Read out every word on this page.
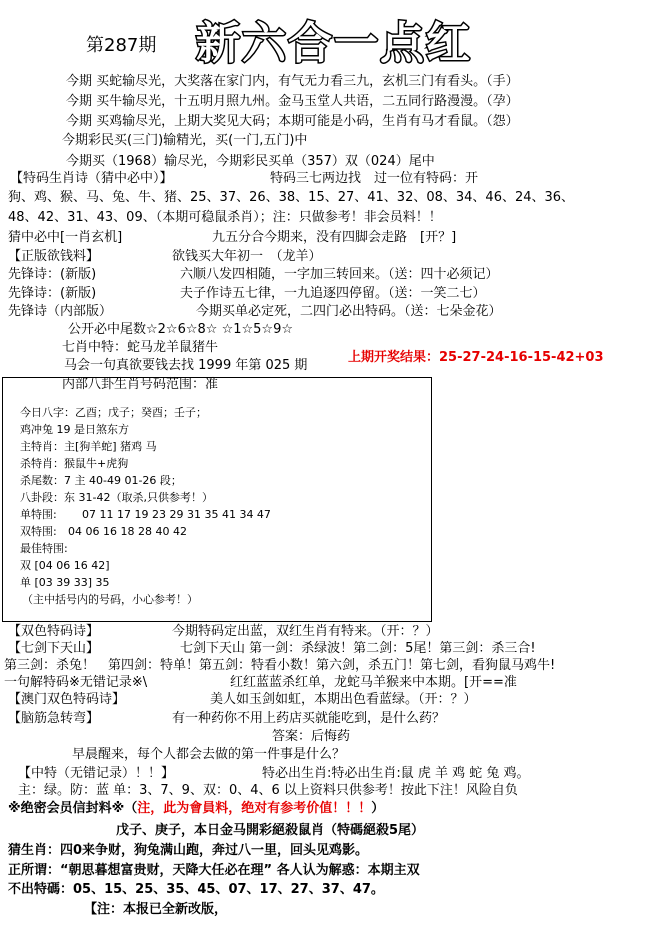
第287期 新六合一点红
今期 买蛇输尽光，大奖落在家门内，有气无力看三九，玄机三门有看头。（手）
今期 买牛输尽光，十五明月照九州。金马玉堂人共语，二五同行路漫漫。（孕）
今期 买鸡输尽光，上期大奖见大码；本期可能是小码，生肖有马才看鼠。（怨）
今期彩民买(三门)输精光，买(一门,五门)中
今期买（1968）输尽光，今期彩民买单（357）双（024）尾中
【特码生肖诗（猜中必中）】	特码三七两边找　过一位有特码：开
狗、鸡、猴、马、兔、牛、猪、25、37、26、38、15、27、41、32、08、34、46、24、36、
48、42、31、43、09、（本期可稳鼠杀肖）；注：只做参考！非会员料！！
猜中必中[一肖玄机]	九五分合今期来，没有四脚会走路　[开？]
【正版欲钱料】	欲钱买大年初一　（龙羊）
先锋诗：(新版)	六顺八发四相随，一字加三转回来。（送：四十必须记）
先锋诗：(新版)	夫子作诗五七律，一九追逐四停留。（送：一笑二七）
先锋诗（内部版）	今期买单必定死，二四门必出特码。（送：七朵金花）
公开必中尾数☆2☆6☆8☆ ☆1☆5☆9☆
七肖中特：蛇马龙羊鼠猪牛
马会一句真欲要钱去找 1999 年第 025 期
上期开奖结果：25-27-24-16-15-42+03
内部八卦生肖号码范围：准
今日八字：乙酉；戊子；癸酉；壬子；
鸡冲兔 19 是日煞东方
主特肖：主[狗羊蛇] 猪鸡 马
杀特肖：猴鼠牛+虎狗
杀尾数：7 主 40-49 01-26 段；
八卦段：东 31-42（取杀,只供参考！）
单特围: 07 11 17 19 23 29 31 35 41 34 47
双特围: 04 06 16 18 28 40 42
最佳特围:
双 [04 06 16 42]
单 [03 39 33] 35
（主中括号内的号码，小心参考！）
【双色特码诗】	今期特码定出蓝，双红生肖有特来。（开：？）
【七剑下天山】	七剑下天山 第一剑：杀绿波！第二剑：5尾！第三剑：杀三合!
第三剑：杀兔！　第四剑：特单！第五剑：特看小数！第六剑，杀五门！第七剑，看狗鼠马鸡牛!
一句解特码※无错记录※\	红红蓝蓝杀红单，龙蛇马羊猴来中本期。[开==准
【澳门双色特码诗】	美人如玉剑如虹，本期出色看蓝绿。（开：？）
【脑筋急转弯】	有一种药你不用上药店买就能吃到，是什么药？
答案：后悔药
早晨醒来，每个人都会去做的第一件事是什么？
【中特（无错记录）！！】	特必出生肖:特必出生肖:鼠 虎 羊 鸡 蛇 兔 鸡。
主：绿。防：蓝 单：3、7、9、双：0、4、6 以上资料只供参考！按此下注！风险自负
※绝密会员信封料※（注，此为會員料，绝对有参考价值！！！）
戊子、庚子，本日金马開彩絕殺鼠肖（特碼絕殺5尾）
猜生肖：四0来争财，狗兔满山跑，奔过八一里，回头见鸡影。
正所谓：“朝思暮想富贵财，天降大任必在理” 各人认为解惑：本期主双
不出特碼：05、15、25、35、45、07、17、27、37、47。
【注：本报已全新改版，
